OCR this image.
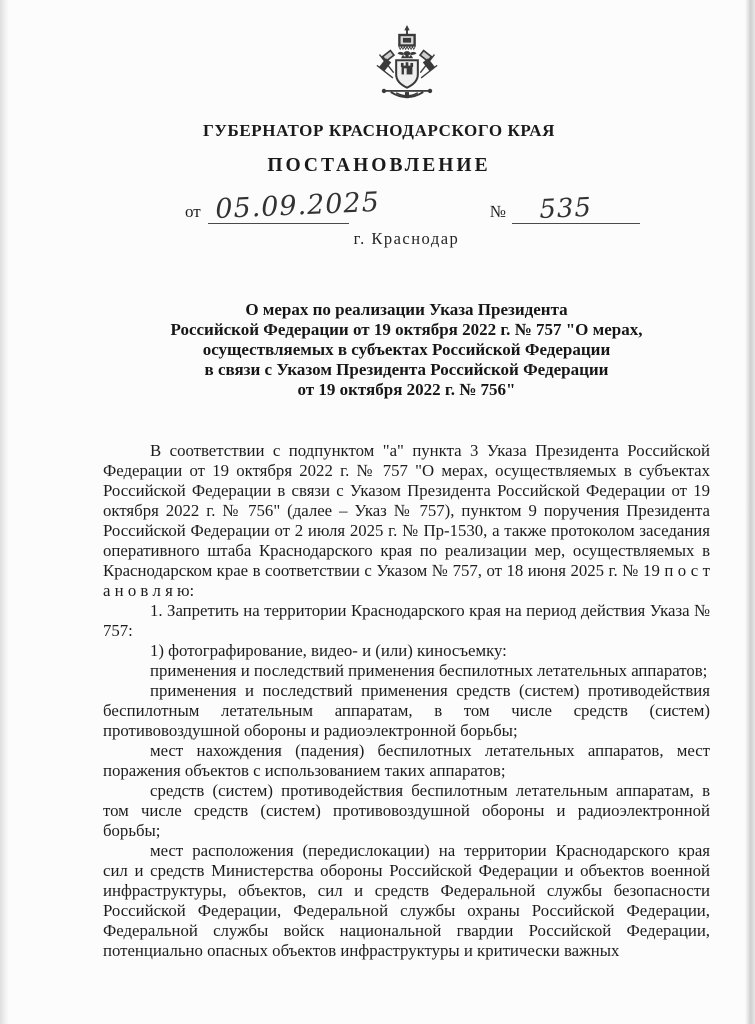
ГУБЕРНАТОР КРАСНОДАРСКОГО КРАЯ
ПОСТАНОВЛЕНИЕ
от 05.09.2025	№ 535
г. Краснодар
О мерах по реализации Указа Президента
Российской Федерации от 19 октября 2022 г. № 757 "О мерах,
осуществляемых в субъектах Российской Федерации
в связи с Указом Президента Российской Федерации
от 19 октября 2022 г. № 756"

В соответствии с подпунктом "а" пункта 3 Указа Президента Российской Федерации от 19 октября 2022 г. № 757 "О мерах, осуществляемых в субъектах Российской Федерации в связи с Указом Президента Российской Федерации от 19 октября 2022 г. № 756" (далее – Указ № 757), пунктом 9 поручения Президента Российской Федерации от 2 июля 2025 г. № Пр-1530, а также протоколом заседания оперативного штаба Краснодарского края по реализации мер, осуществляемых в Краснодарском крае в соответствии с Указом № 757, от 18 июня 2025 г. № 19 п о с т а н о в л я ю:

1. Запретить на территории Краснодарского края на период действия Указа № 757:

1) фотографирование, видео- и (или) киносъемку:

применения и последствий применения беспилотных летательных аппаратов;

применения и последствий применения средств (систем) противодействия беспилотным летательным аппаратам, в том числе средств (систем) противовоздушной обороны и радиоэлектронной борьбы;

мест нахождения (падения) беспилотных летательных аппаратов, мест поражения объектов с использованием таких аппаратов;

средств (систем) противодействия беспилотным летательным аппаратам, в том числе средств (систем) противовоздушной обороны и радиоэлектронной борьбы;

мест расположения (передислокации) на территории Краснодарского края сил и средств Министерства обороны Российской Федерации и объектов военной инфраструктуры, объектов, сил и средств Федеральной службы безопасности Российской Федерации, Федеральной службы охраны Российской Федерации, Федеральной службы войск национальной гвардии Российской Федерации, потенциально опасных объектов инфраструктуры и критически важных
